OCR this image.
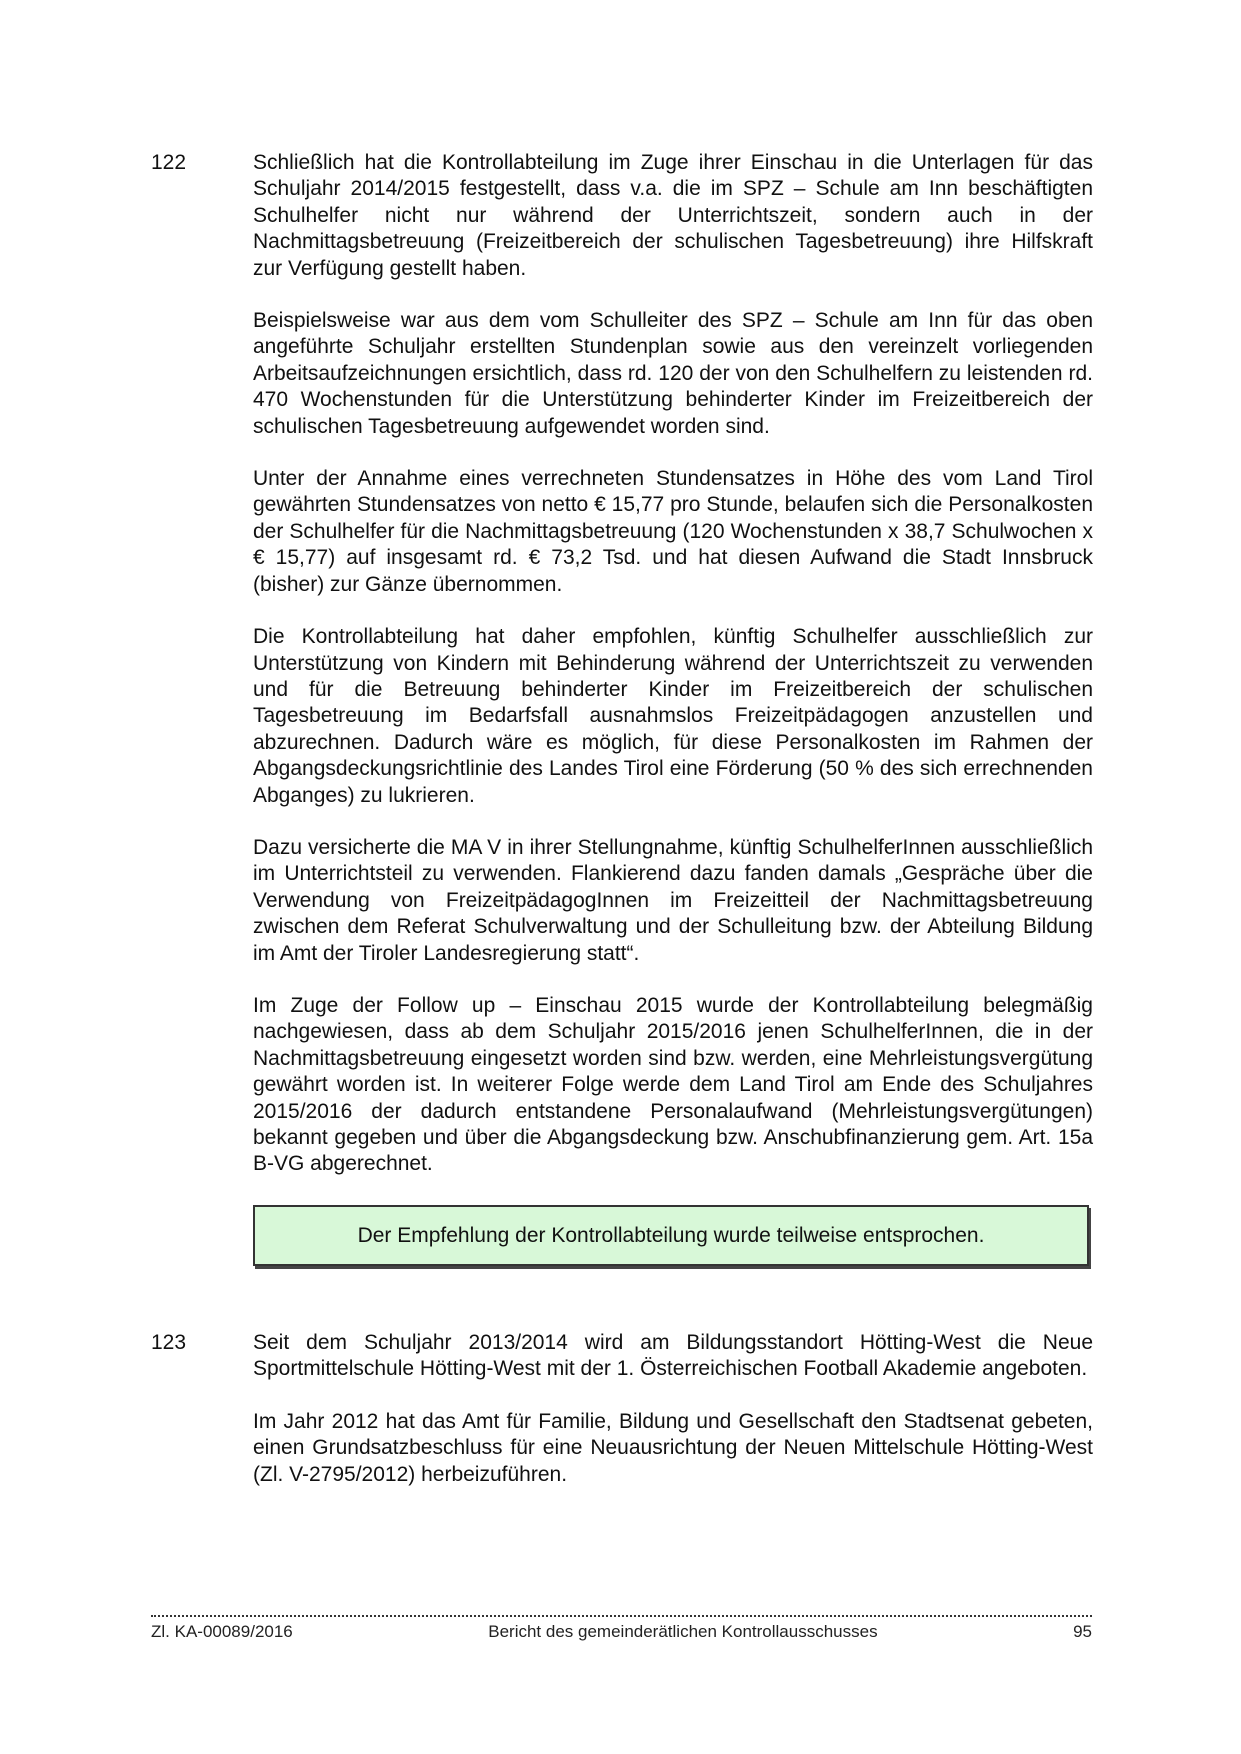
122	Schließlich hat die Kontrollabteilung im Zuge ihrer Einschau in die Unterlagen für das Schuljahr 2014/2015 festgestellt, dass v.a. die im SPZ – Schule am Inn beschäftigten Schulhelfer nicht nur während der Unterrichtszeit, sondern auch in der Nachmittagsbetreuung (Freizeitbereich der schulischen Tagesbetreuung) ihre Hilfskraft zur Verfügung gestellt haben.

Beispielsweise war aus dem vom Schulleiter des SPZ – Schule am Inn für das oben angeführte Schuljahr erstellten Stundenplan sowie aus den vereinzelt vorliegenden Arbeitsaufzeichnungen ersichtlich, dass rd. 120 der von den Schulhelfern zu leistenden rd. 470 Wochenstunden für die Unterstützung behinderter Kinder im Freizeitbereich der schulischen Tagesbetreuung aufgewendet worden sind.

Unter der Annahme eines verrechneten Stundensatzes in Höhe des vom Land Tirol gewährten Stundensatzes von netto € 15,77 pro Stunde, belaufen sich die Personalkosten der Schulhelfer für die Nachmittagsbetreuung (120 Wochenstunden x 38,7 Schulwochen x € 15,77) auf insgesamt rd. € 73,2 Tsd. und hat diesen Aufwand die Stadt Innsbruck (bisher) zur Gänze übernommen.

Die Kontrollabteilung hat daher empfohlen, künftig Schulhelfer ausschließlich zur Unterstützung von Kindern mit Behinderung während der Unterrichtszeit zu verwenden und für die Betreuung behinderter Kinder im Freizeitbereich der schulischen Tagesbetreuung im Bedarfsfall ausnahmslos Freizeitpädagogen anzustellen und abzurechnen. Dadurch wäre es möglich, für diese Personalkosten im Rahmen der Abgangsdeckungsrichtlinie des Landes Tirol eine Förderung (50 % des sich errechnenden Abganges) zu lukrieren.

Dazu versicherte die MA V in ihrer Stellungnahme, künftig SchulhelferInnen ausschließlich im Unterrichtsteil zu verwenden. Flankierend dazu fanden damals „Gespräche über die Verwendung von FreizeitpädagogInnen im Freizeitteil der Nachmittagsbetreuung zwischen dem Referat Schulverwaltung und der Schulleitung bzw. der Abteilung Bildung im Amt der Tiroler Landesregierung statt“.

Im Zuge der Follow up – Einschau 2015 wurde der Kontrollabteilung belegmäßig nachgewiesen, dass ab dem Schuljahr 2015/2016 jenen SchulhelferInnen, die in der Nachmittagsbetreuung eingesetzt worden sind bzw. werden, eine Mehrleistungsvergütung gewährt worden ist. In weiterer Folge werde dem Land Tirol am Ende des Schuljahres 2015/2016 der dadurch entstandene Personalaufwand (Mehrleistungsvergütungen) bekannt gegeben und über die Abgangsdeckung bzw. Anschubfinanzierung gem. Art. 15a B-VG abgerechnet.

Der Empfehlung der Kontrollabteilung wurde teilweise entsprochen.
123	Seit dem Schuljahr 2013/2014 wird am Bildungsstandort Hötting-West die Neue Sportmittelschule Hötting-West mit der 1. Österreichischen Football Akademie angeboten.

Im Jahr 2012 hat das Amt für Familie, Bildung und Gesellschaft den Stadtsenat gebeten, einen Grundsatzbeschluss für eine Neuausrichtung der Neuen Mittelschule Hötting-West (Zl. V-2795/2012) herbeizuführen.

Zl. KA-00089/2016	Bericht des gemeinderätlichen Kontrollausschusses	95
